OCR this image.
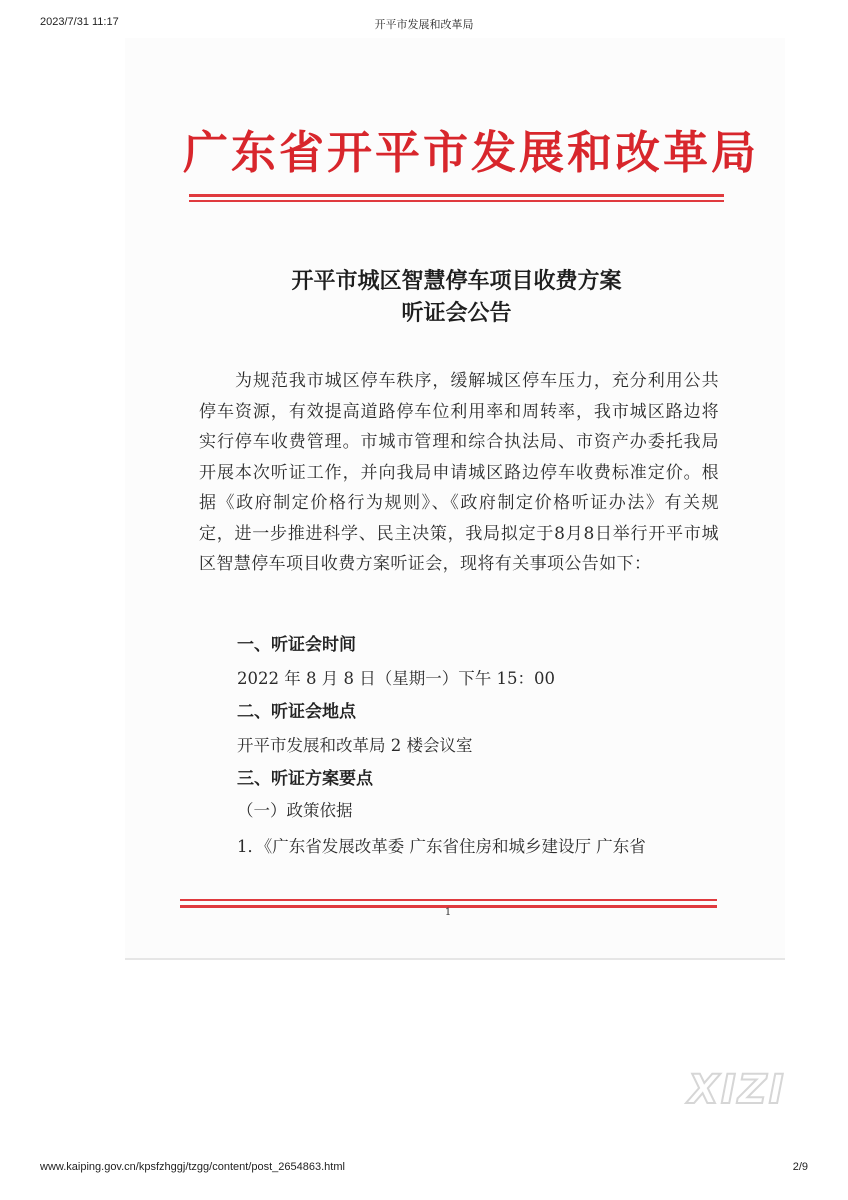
2023/7/31 11:17	开平市发展和改革局
广东省开平市发展和改革局
开平市城区智慧停车项目收费方案
听证会公告
为规范我市城区停车秩序，缓解城区停车压力，充分利用公共停车资源，有效提高道路停车位利用率和周转率，我市城区路边将实行停车收费管理。市城市管理和综合执法局、市资产办委托我局开展本次听证工作，并向我局申请城区路边停车收费标准定价。根据《政府制定价格行为规则》、《政府制定价格听证办法》有关规定，进一步推进科学、民主决策，我局拟定于8月8日举行开平市城区智慧停车项目收费方案听证会，现将有关事项公告如下：
一、听证会时间
2022 年 8 月 8 日（星期一）下午 15：00
二、听证会地点
开平市发展和改革局 2 楼会议室
三、听证方案要点
（一）政策依据
1．《广东省发展改革委 广东省住房和城乡建设厅 广东省
1
XIZI
www.kaiping.gov.cn/kpsfzhggj/tzgg/content/post_2654863.html	2/9
